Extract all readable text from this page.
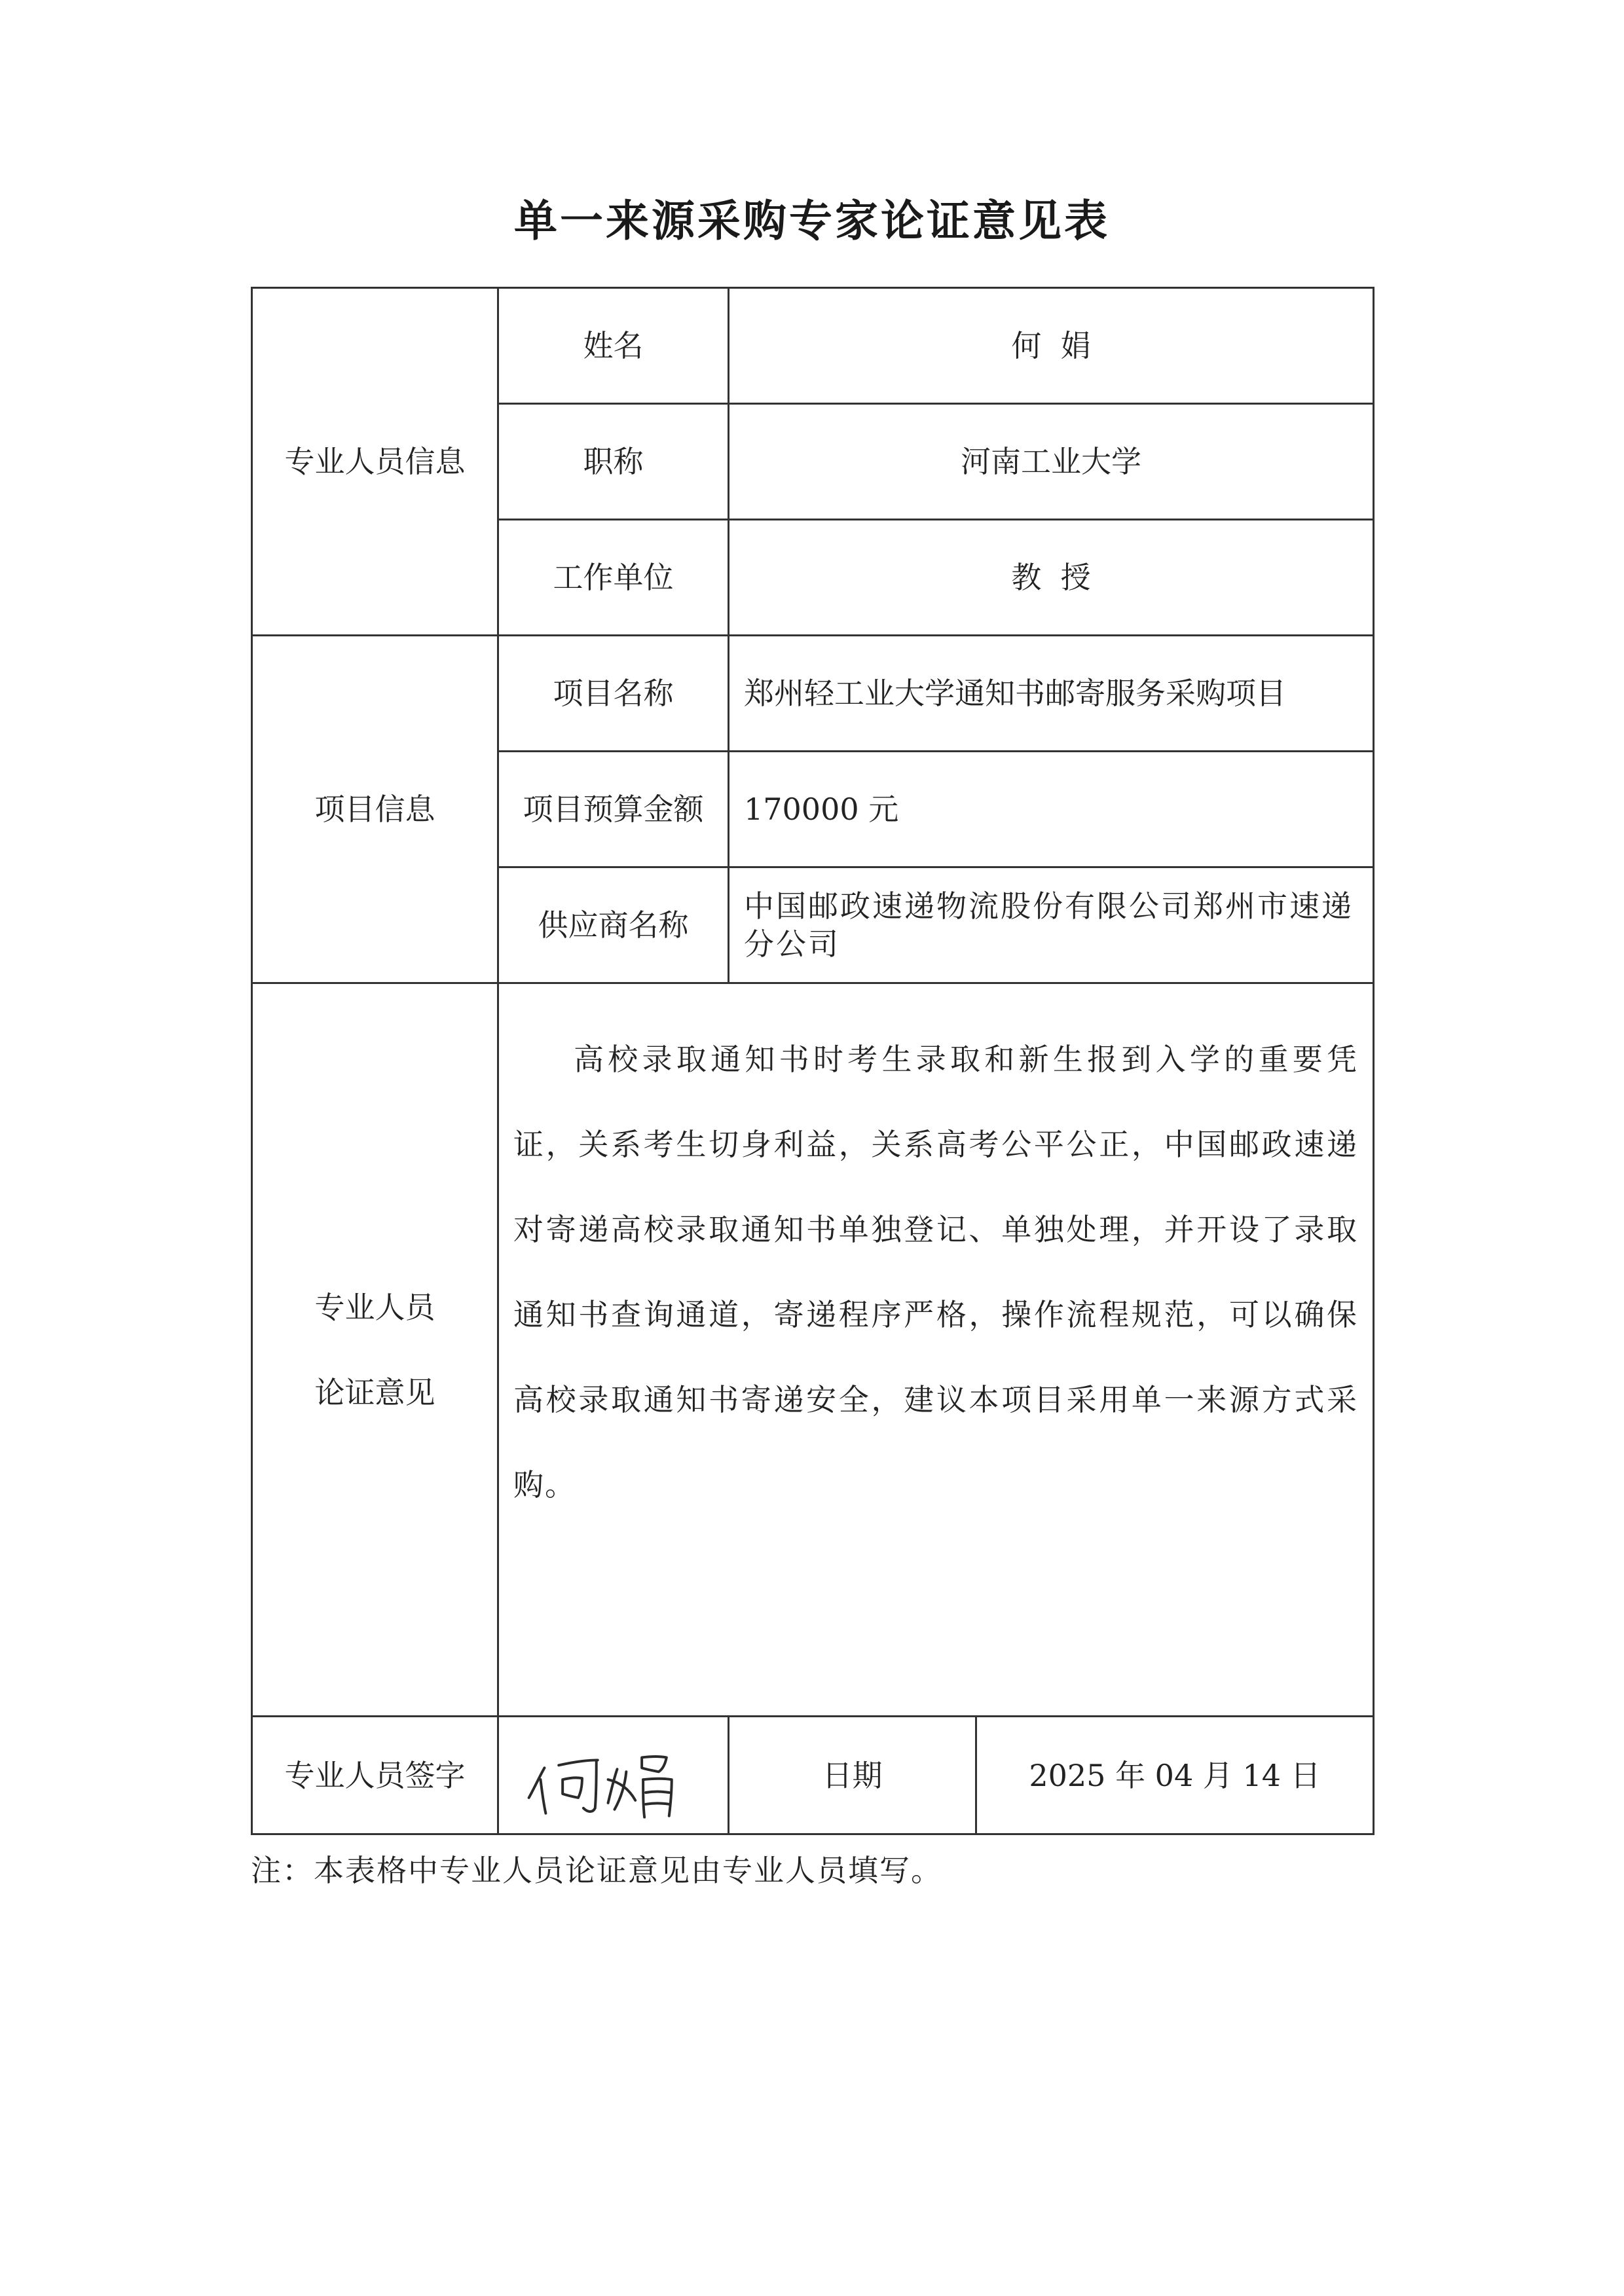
单一来源采购专家论证意见表
专业人员信息	姓名	何  娟	
	职称	河南工业大学	
	工作单位	教  授	
项目信息	项目名称	郑州轻工业大学通知书邮寄服务采购项目	
	项目预算金额	170000 元	
	供应商名称	中国邮政速递物流股份有限公司郑州市速递分公司	

专业人员
论证意见	高校录取通知书时考生录取和新生报到入学的重要凭证，关系考生切身利益，关系高考公平公正，中国邮政速递对寄递高校录取通知书单独登记、单独处理，并开设了录取通知书查询通道，寄递程序严格，操作流程规范，可以确保高校录取通知书寄递安全，建议本项目采用单一来源方式采购。		

专业人员签字		日期	2025 年 04 月 14 日
注：本表格中专业人员论证意见由专业人员填写。
